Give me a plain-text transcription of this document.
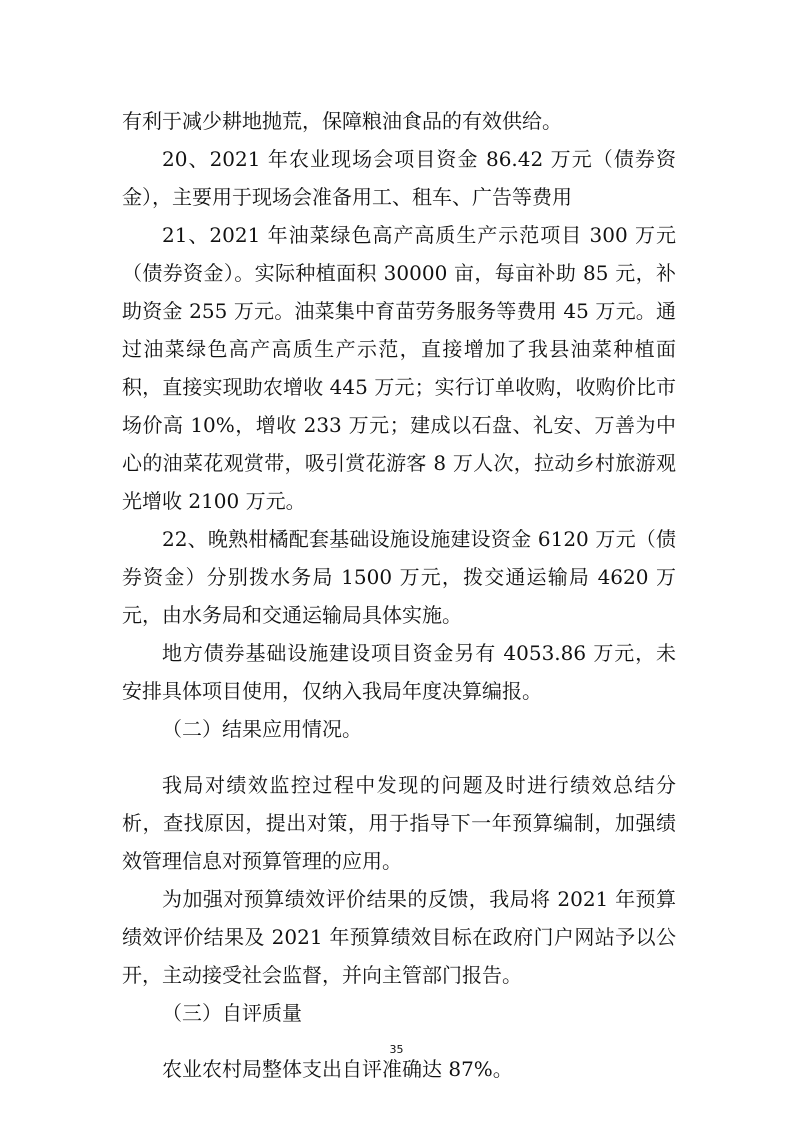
有利于减少耕地抛荒，保障粮油食品的有效供给。

20、2021 年农业现场会项目资金 86.42 万元（债券资金），主要用于现场会准备用工、租车、广告等费用

21、2021 年油菜绿色高产高质生产示范项目 300 万元（债券资金）。实际种植面积 30000 亩，每亩补助 85 元，补助资金 255 万元。油菜集中育苗劳务服务等费用 45 万元。通过油菜绿色高产高质生产示范，直接增加了我县油菜种植面积，直接实现助农增收 445 万元；实行订单收购，收购价比市场价高 10%，增收 233 万元；建成以石盘、礼安、万善为中心的油菜花观赏带，吸引赏花游客 8 万人次，拉动乡村旅游观光增收 2100 万元。

22、晚熟柑橘配套基础设施设施建设资金 6120 万元（债券资金）分别拨水务局 1500 万元，拨交通运输局 4620 万元，由水务局和交通运输局具体实施。

地方债券基础设施建设项目资金另有 4053.86 万元，未安排具体项目使用，仅纳入我局年度决算编报。

（二）结果应用情况。

我局对绩效监控过程中发现的问题及时进行绩效总结分析，查找原因，提出对策，用于指导下一年预算编制，加强绩效管理信息对预算管理的应用。

为加强对预算绩效评价结果的反馈，我局将 2021 年预算绩效评价结果及 2021 年预算绩效目标在政府门户网站予以公开，主动接受社会监督，并向主管部门报告。

（三）自评质量

农业农村局整体支出自评准确达 87%。

35
